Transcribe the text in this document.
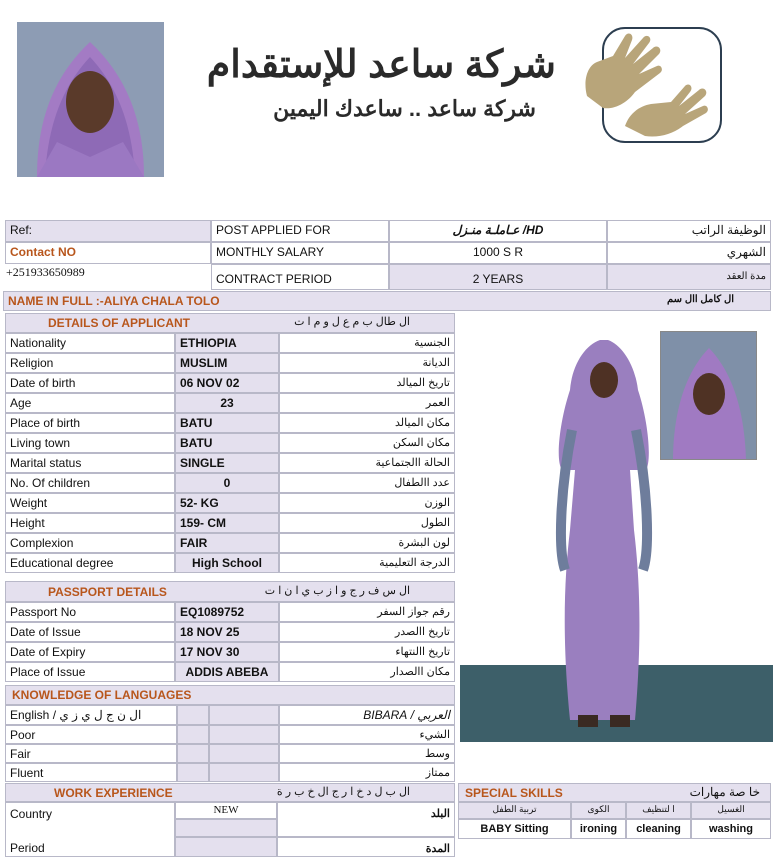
شركة ساعد للإستقدام
شركة ساعد .. ساعدك اليمين
Ref:	POST APPLIED FOR	HD/ عـاملـة منـزل	الوظيفة الراتب
Contact NO	MONTHLY SALARY	1000 S R	الشهري
+251933650989	CONTRACT PERIOD	2 YEARS	مدة العقد
NAME IN FULL :-ALIYA CHALA TOLO	ال كامل اال سم
DETAILS OF APPLICANT	ال طال ب م ع ل و م ا ت
Nationality	ETHIOPIA	الجنسية
Religion	MUSLIM	الديانة
Date of birth	06 NOV 02	تاريخ الميالد
Age	23	العمر
Place of birth	BATU	مكان الميالد
Living town	BATU	مكان السكن
Marital status	SINGLE	الحالة االجتماعية
No. Of children	0	عدد االطفال
Weight	52- KG	الوزن
Height	159- CM	الطول
Complexion	FAIR	لون البشرة
Educational degree	High School	الدرجة التعليمية
PASSPORT DETAILS	ال س ف ر ج و ا ز ب ي ا ن ا ت
Passport No	EQ1089752	رقم جواز السفر
Date of Issue	18 NOV 25	تاريخ االصدر
Date of Expiry	17 NOV 30	تاريخ االنتهاء
Place of Issue	ADDIS ABEBA	مكان االصدار
KNOWLEDGE OF LANGUAGES
English / ال ن ج ل ي ز ي	العربي / BIBARA
Poor	الشيء
Fair	وسط
Fluent	ممتاز
WORK EXPERIENCE	ال ب ل د خ ا ر ج ال خ ب ر ة
Country	NEW	البلد
Period	المدة
SPECIAL SKILLS	خا صة مهارات
تربية الطفل	الكوى	ا لتنظيف	الغسيل
BABY Sitting	ironing	cleaning	washing
